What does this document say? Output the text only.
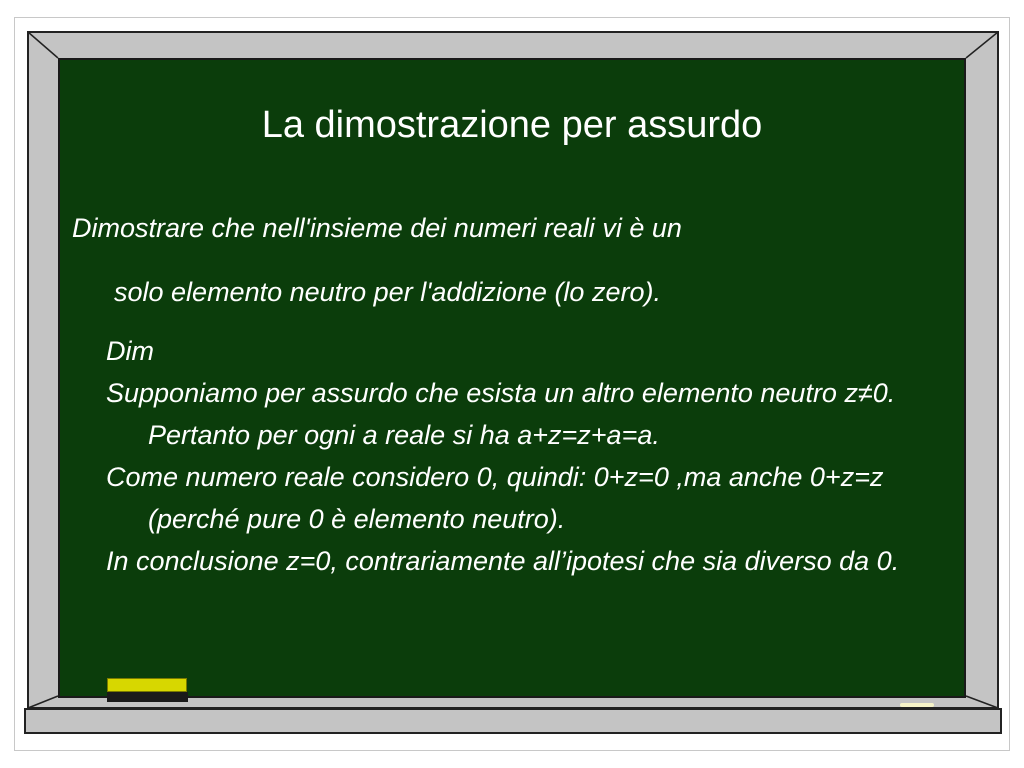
La dimostrazione per assurdo
Dimostrare che nell'insieme dei numeri reali vi è un
solo elemento neutro per l'addizione (lo zero).

Dim

Supponiamo per assurdo che esista un altro elemento neutro z≠0. Pertanto per ogni a reale si ha a+z=z+a=a.

Come numero reale considero 0, quindi: 0+z=0 ,ma anche 0+z=z (perché pure 0 è elemento neutro).

In conclusione z=0, contrariamente all’ipotesi che sia diverso da 0.
